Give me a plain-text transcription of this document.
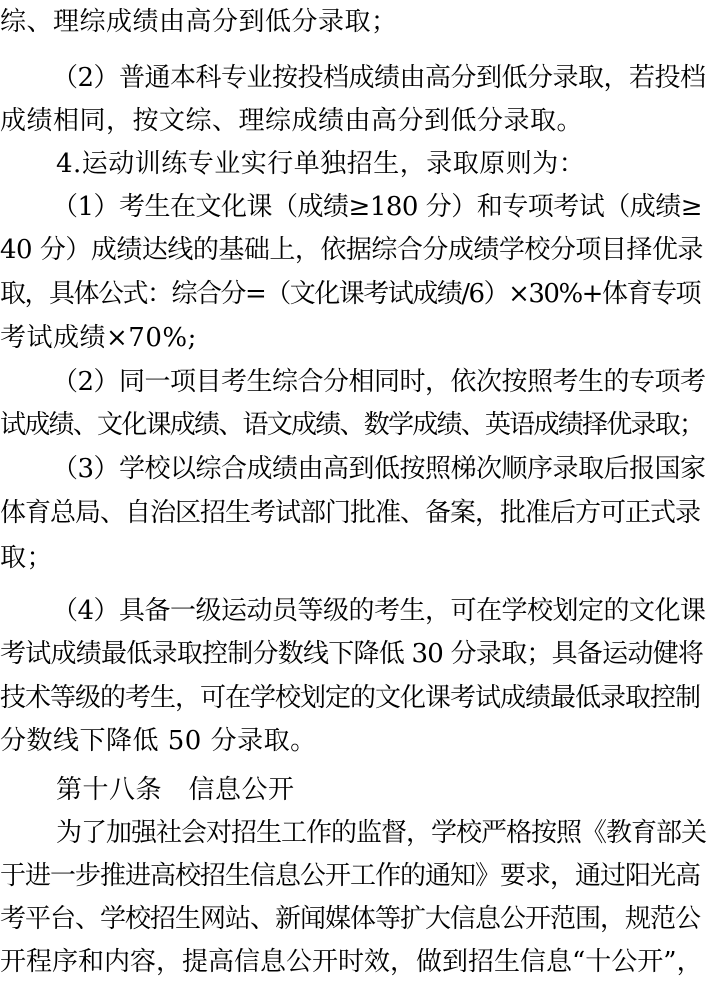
综、理综成绩由高分到低分录取；
（2）普通本科专业按投档成绩由高分到低分录取，若投档
成绩相同，按文综、理综成绩由高分到低分录取。
4.运动训练专业实行单独招生，录取原则为：
（1）考生在文化课（成绩≥180 分）和专项考试（成绩≥
40 分）成绩达线的基础上，依据综合分成绩学校分项目择优录
取，具体公式：综合分=（文化课考试成绩/6）×30%+体育专项
考试成绩×70%;
（2）同一项目考生综合分相同时，依次按照考生的专项考
试成绩、文化课成绩、语文成绩、数学成绩、英语成绩择优录取；
（3）学校以综合成绩由高到低按照梯次顺序录取后报国家
体育总局、自治区招生考试部门批准、备案，批准后方可正式录
取；
（4）具备一级运动员等级的考生，可在学校划定的文化课
考试成绩最低录取控制分数线下降低 30 分录取；具备运动健将
技术等级的考生，可在学校划定的文化课考试成绩最低录取控制
分数线下降低 50 分录取。
第十八条　信息公开
为了加强社会对招生工作的监督，学校严格按照《教育部关
于进一步推进高校招生信息公开工作的通知》要求，通过阳光高
考平台、学校招生网站、新闻媒体等扩大信息公开范围，规范公
开程序和内容，提高信息公开时效，做到招生信息“十公开”，
